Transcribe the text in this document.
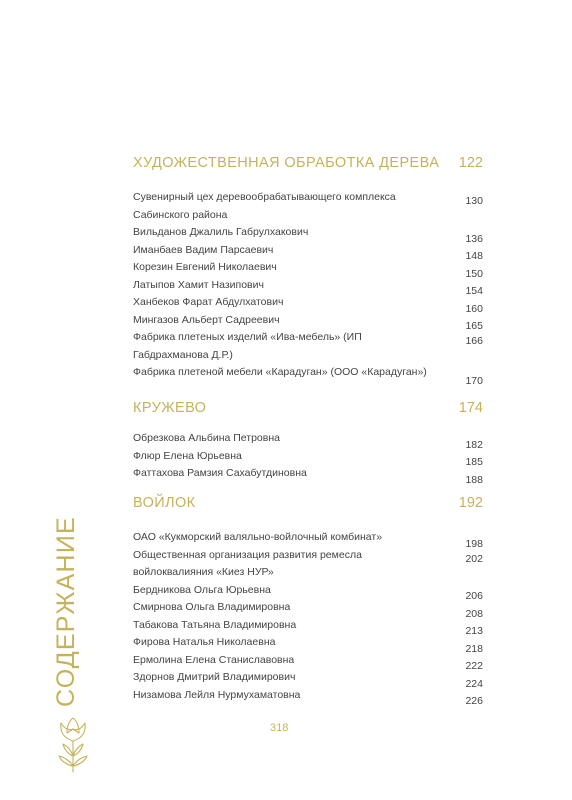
СОДЕРЖАНИЕ
ХУДОЖЕСТВЕННАЯ ОБРАБОТКА ДЕРЕВА 122
Сувенирный цех деревообрабатывающего комплекса Сабинского района
130
Вильданов Джалиль Габрулхакович
136
Иманбаев Вадим Парсаевич
148
Корезин Евгений Николаевич
150
Латыпов Хамит Назипович
154
Ханбеков Фарат Абдулхатович
160
Мингазов Альберт Садреевич
165
Фабрика плетеных изделий «Ива-мебель» (ИП Габдрахманова Д.Р.)
166
Фабрика плетеной мебели «Карадуган» (ООО «Карадуган»)
170
КРУЖЕВО	174
Обрезкова Альбина Петровна
182
Флюр Елена Юрьевна
185
Фаттахова Рамзия Сахабутдиновна
188
ВОЙЛОК	192
ОАО «Кукморский валяльно-войлочный комбинат»
198
Общественная организация развития ремесла войлоквалияния «Киез НУР»
202
Бердникова Ольга Юрьевна
206
Смирнова Ольга Владимировна
208
Табакова Татьяна Владимировна
213
Фирова Наталья Николаевна
218
Ермолина Елена Станиславовна
222
Здорнов Дмитрий Владимирович
224
Низамова Лейля Нурмухаматовна
226
318
